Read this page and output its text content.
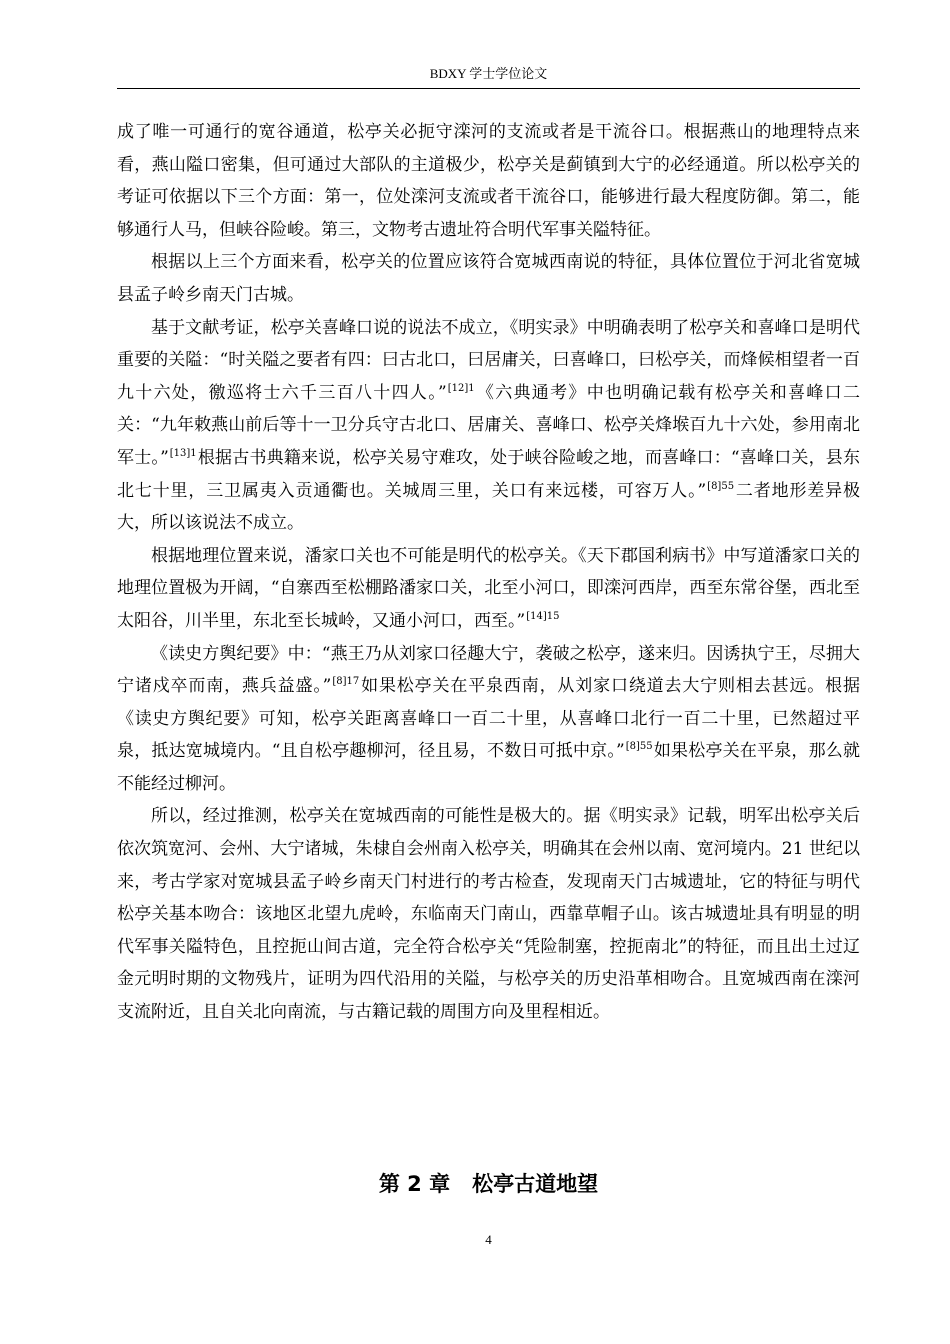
BDXY 学士学位论文

成了唯一可通行的宽谷通道，松亭关必扼守滦河的支流或者是干流谷口。根据燕山的地理特点来看，燕山隘口密集，但可通过大部队的主道极少，松亭关是蓟镇到大宁的必经通道。所以松亭关的考证可依据以下三个方面：第一，位处滦河支流或者干流谷口，能够进行最大程度防御。第二，能够通行人马，但峡谷险峻。第三，文物考古遗址符合明代军事关隘特征。

根据以上三个方面来看，松亭关的位置应该符合宽城西南说的特征，具体位置位于河北省宽城县孟子岭乡南天门古城。

基于文献考证，松亭关喜峰口说的说法不成立，《明实录》中明确表明了松亭关和喜峰口是明代重要的关隘：“时关隘之要者有四：曰古北口，曰居庸关，曰喜峰口，曰松亭关，而烽候相望者一百九十六处，徼巡将士六千三百八十四人。”$^{[12]1}$《六典通考》中也明确记载有松亭关和喜峰口二关：“九年敕燕山前后等十一卫分兵守古北口、居庸关、喜峰口、松亭关烽堠百九十六处，参用南北军士。”$^{[13]1}$根据古书典籍来说，松亭关易守难攻，处于峡谷险峻之地，而喜峰口：“喜峰口关，县东北七十里，三卫属夷入贡通衢也。关城周三里，关口有来远楼，可容万人。”$^{[8]55}$二者地形差异极大，所以该说法不成立。

根据地理位置来说，潘家口关也不可能是明代的松亭关。《天下郡国利病书》中写道潘家口关的地理位置极为开阔，“自寨西至松棚路潘家口关，北至小河口，即滦河西岸，西至东常谷堡，西北至太阳谷，川半里，东北至长城岭，又通小河口，西至。”$^{[14]15}$

《读史方舆纪要》中：“燕王乃从刘家口径趣大宁，袭破之松亭，遂来归。因诱执宁王，尽拥大宁诸戍卒而南，燕兵益盛。”$^{[8]17}$如果松亭关在平泉西南，从刘家口绕道去大宁则相去甚远。根据《读史方舆纪要》可知，松亭关距离喜峰口一百二十里，从喜峰口北行一百二十里，已然超过平泉，抵达宽城境内。“且自松亭趣柳河，径且易，不数日可抵中京。”$^{[8]55}$如果松亭关在平泉，那么就不能经过柳河。

所以，经过推测，松亭关在宽城西南的可能性是极大的。据《明实录》记载，明军出松亭关后依次筑宽河、会州、大宁诸城，朱棣自会州南入松亭关，明确其在会州以南、宽河境内。21 世纪以来，考古学家对宽城县孟子岭乡南天门村进行的考古检查，发现南天门古城遗址，它的特征与明代松亭关基本吻合：该地区北望九虎岭，东临南天门南山，西靠草帽子山。该古城遗址具有明显的明代军事关隘特色，且控扼山间古道，完全符合松亭关“凭险制塞，控扼南北”的特征，而且出土过辽金元明时期的文物残片，证明为四代沿用的关隘，与松亭关的历史沿革相吻合。且宽城西南在滦河支流附近，且自关北向南流，与古籍记载的周围方向及里程相近。

第 2 章 松亭古道地望
4
